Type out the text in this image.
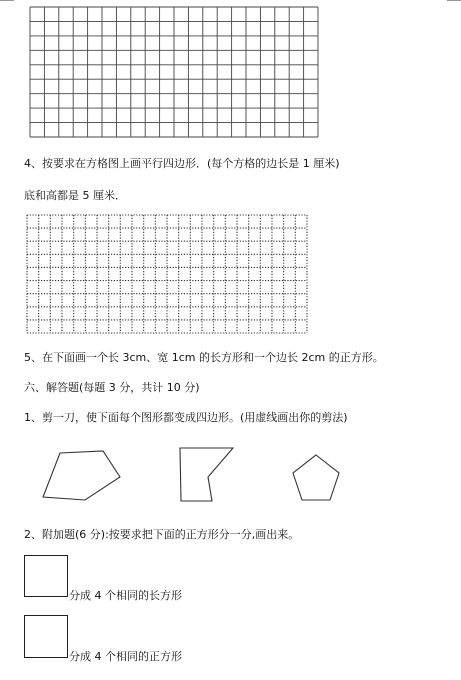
4、按要求在方格图上画平行四边形．(每个方格的边长是 1 厘米)
底和高都是 5 厘米．
5、在下面画一个长 3cm、宽 1cm 的长方形和一个边长 2cm 的正方形。
六、解答题(每题 3 分，共计 10 分)
1、剪一刀，使下面每个图形都变成四边形。(用虚线画出你的剪法)
2、附加题(6 分):按要求把下面的正方形分一分,画出来。
分成 4 个相同的长方形
分成 4 个相同的正方形
